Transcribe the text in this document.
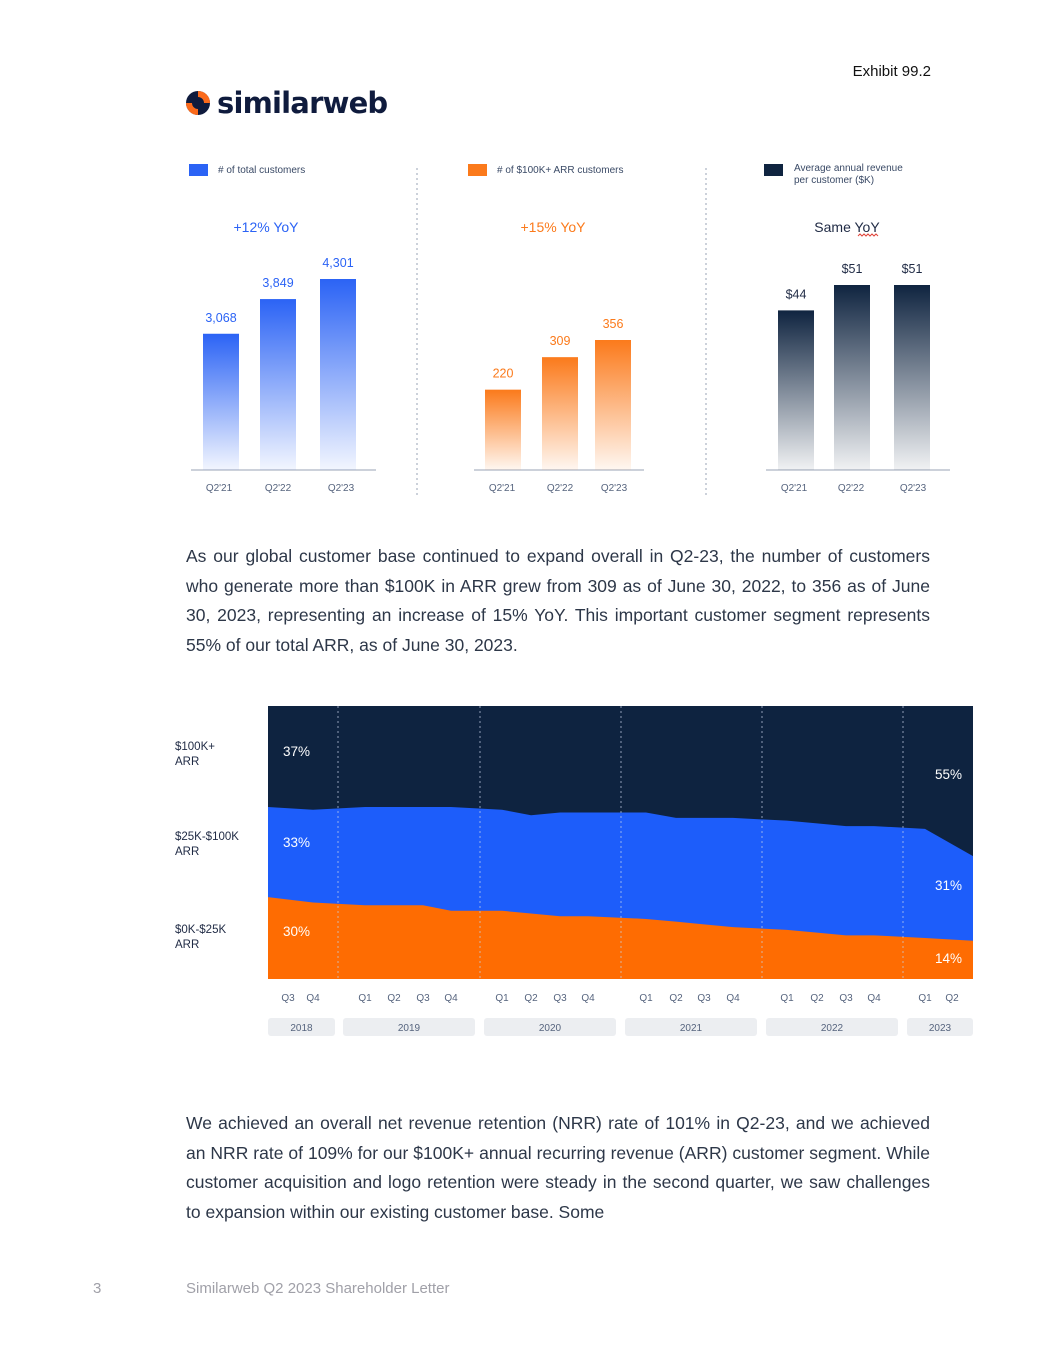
Exhibit 99.2
similarweb
# of total customers	# of $100K+ ARR customers	Average annual revenue
per customer ($K)
+12% YoY	+15% YoY	Same YoY
3,068
Q2'21
3,849
Q2'22
4,301
Q2'23
220
Q2'21
309
Q2'22
356
Q2'23
$44
Q2'21
$51
Q2'22
$51
Q2'23
As our global customer base continued to expand overall in Q2-23, the number of customers who generate more than $100K in ARR grew from 309 as of June 30, 2022, to 356 as of June 30, 2023, representing an increase of 15% YoY. This important customer segment represents 55% of our total ARR, as of June 30, 2023.
37%
33%
30%
55%
31%
14%
$100K+
ARR
$25K-$100K
ARR
$0K-$25K
ARR
Q3 Q4	Q1 Q2 Q3 Q4	Q1 Q2 Q3 Q4	Q1 Q2 Q3 Q4	Q1 Q2 Q3 Q4	Q1 Q2
2018	2019	2020	2021	2022	2023
We achieved an overall net revenue retention (NRR) rate of 101% in Q2-23, and we achieved an NRR rate of 109% for our $100K+ annual recurring revenue (ARR) customer segment. While customer acquisition and logo retention were steady in the second quarter, we saw challenges to expansion within our existing customer base. Some
3	Similarweb Q2 2023 Shareholder Letter
